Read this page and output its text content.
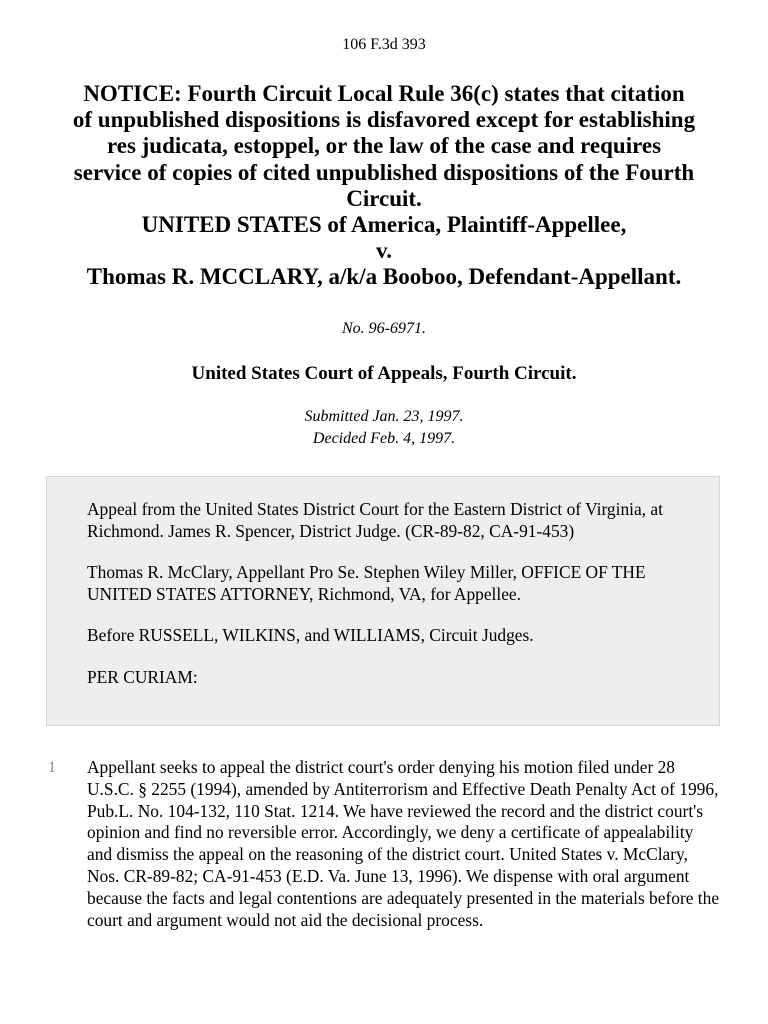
106 F.3d 393
NOTICE: Fourth Circuit Local Rule 36(c) states that citation
of unpublished dispositions is disfavored except for establishing
res judicata, estoppel, or the law of the case and requires
service of copies of cited unpublished dispositions of the Fourth
Circuit.
UNITED STATES of America, Plaintiff-Appellee,
v.
Thomas R. MCCLARY, a/k/a Booboo, Defendant-Appellant.
No. 96-6971.
United States Court of Appeals, Fourth Circuit.
Submitted Jan. 23, 1997.
Decided Feb. 4, 1997.

Appeal from the United States District Court for the Eastern District of Virginia, at Richmond. James R. Spencer, District Judge. (CR-89-82, CA-91-453)

Thomas R. McClary, Appellant Pro Se. Stephen Wiley Miller, OFFICE OF THE UNITED STATES ATTORNEY, Richmond, VA, for Appellee.

Before RUSSELL, WILKINS, and WILLIAMS, Circuit Judges.

PER CURIAM:

1 Appellant seeks to appeal the district court's order denying his motion filed under 28 U.S.C. § 2255 (1994), amended by Antiterrorism and Effective Death Penalty Act of 1996, Pub.L. No. 104-132, 110 Stat. 1214. We have reviewed the record and the district court's opinion and find no reversible error. Accordingly, we deny a certificate of appealability and dismiss the appeal on the reasoning of the district court. United States v. McClary, Nos. CR-89-82; CA-91-453 (E.D. Va. June 13, 1996). We dispense with oral argument because the facts and legal contentions are adequately presented in the materials before the court and argument would not aid the decisional process.
